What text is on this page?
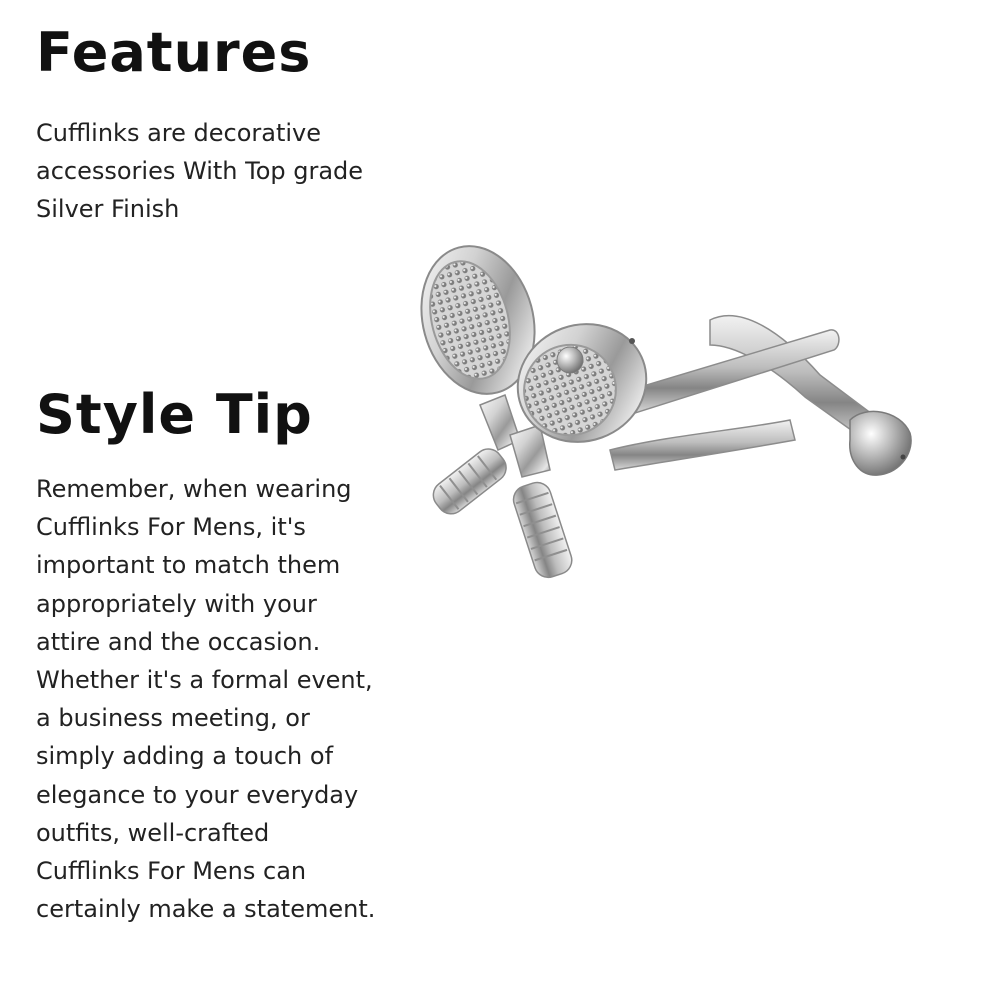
Features

Cufflinks are decorative accessories With Top grade Silver Finish

Style Tip

Remember, when wearing Cufflinks For Mens, it's important to match them appropriately with your attire and the occasion. Whether it's a formal event, a business meeting, or simply adding a touch of elegance to your everyday outfits, well-crafted Cufflinks For Mens can certainly make a statement.
